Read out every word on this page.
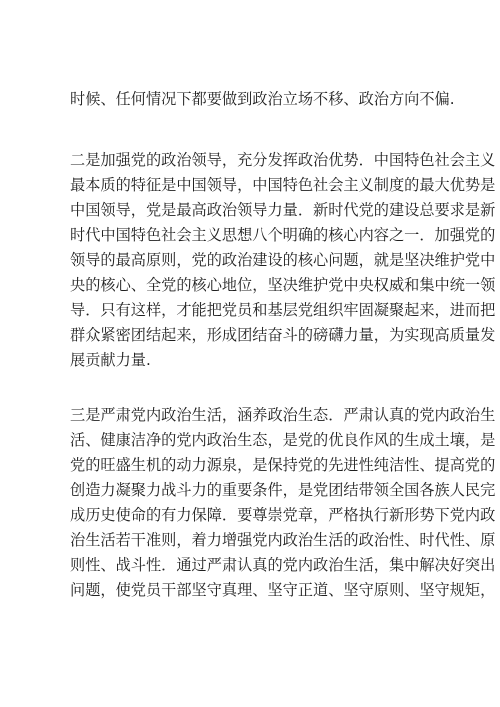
时候、任何情况下都要做到政治立场不移、政治方向不偏.
二是加强党的政治领导，充分发挥政治优势．中国特色社会主义
最本质的特征是中国领导，中国特色社会主义制度的最大优势是
中国领导，党是最高政治领导力量．新时代党的建设总要求是新
时代中国特色社会主义思想八个明确的核心内容之一．加强党的
领导的最高原则，党的政治建设的核心问题，就是坚决维护党中
央的核心、全党的核心地位，坚决维护党中央权威和集中统一领
导．只有这样，才能把党员和基层党组织牢固凝聚起来，进而把
群众紧密团结起来，形成团结奋斗的磅礴力量，为实现高质量发
展贡献力量.
三是严肃党内政治生活，涵养政治生态．严肃认真的党内政治生
活、健康洁净的党内政治生态，是党的优良作风的生成土壤，是
党的旺盛生机的动力源泉，是保持党的先进性纯洁性、提高党的
创造力凝聚力战斗力的重要条件，是党团结带领全国各族人民完
成历史使命的有力保障．要尊崇党章，严格执行新形势下党内政
治生活若干准则，着力增强党内政治生活的政治性、时代性、原
则性、战斗性．通过严肃认真的党内政治生活，集中解决好突出
问题，使党员干部坚守真理、坚守正道、坚守原则、坚守规矩，
